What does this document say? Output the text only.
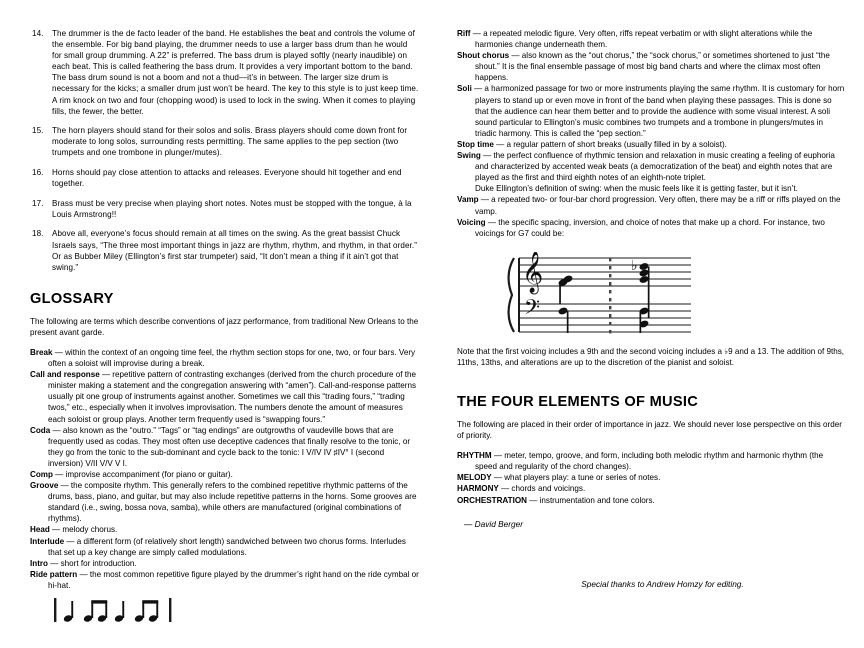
14.	The drummer is the de facto leader of the band. He establishes the beat and controls the volume of the ensemble. For big band playing, the drummer needs to use a larger bass drum than he would for small group drumming. A 22” is preferred. The bass drum is played softly (nearly inaudible) on each beat. This is called feathering the bass drum. It provides a very important bottom to the band. The bass drum sound is not a boom and not a thud—it’s in between. The larger size drum is necessary for the kicks; a smaller drum just won’t be heard. The key to this style is to just keep time. A rim knock on two and four (chopping wood) is used to lock in the swing. When it comes to playing fills, the fewer, the better.
15.	The horn players should stand for their solos and solis. Brass players should come down front for moderate to long solos, surrounding rests permitting. The same applies to the pep section (two trumpets and one trombone in plunger/mutes).
16.	Horns should pay close attention to attacks and releases. Everyone should hit together and end together.
17.	Brass must be very precise when playing short notes. Notes must be stopped with the tongue, à la Louis Armstrong!!
18.	Above all, everyone’s focus should remain at all times on the swing. As the great bassist Chuck Israels says, “The three most important things in jazz are rhythm, rhythm, and rhythm, in that order.” Or as Bubber Miley (Ellington’s first star trumpeter) said, “It don’t mean a thing if it ain’t got that swing.”
GLOSSARY

The following are terms which describe conventions of jazz performance, from traditional New Orleans to the present avant garde.

Break — within the context of an ongoing time feel, the rhythm section stops for one, two, or four bars. Very often a soloist will improvise during a break.
Call and response — repetitive pattern of contrasting exchanges (derived from the church procedure of the minister making a statement and the congregation answering with “amen”). Call-and-response patterns usually pit one group of instruments against another. Sometimes we call this “trading fours,” “trading twos,” etc., especially when it involves improvisation. The numbers denote the amount of measures each soloist or group plays. Another term frequently used is “swapping fours.”
Coda — also known as the “outro.” “Tags” or “tag endings” are outgrowths of vaudeville bows that are frequently used as codas. They most often use deceptive cadences that finally resolve to the tonic, or they go from the tonic to the sub-dominant and cycle back to the tonic: I V/IV IV ♯IV° I (second inversion) V/II V/V V I.
Comp — improvise accompaniment (for piano or guitar).
Groove — the composite rhythm. This generally refers to the combined repetitive rhythmic patterns of the drums, bass, piano, and guitar, but may also include repetitive patterns in the horns. Some grooves are standard (i.e., swing, bossa nova, samba), while others are manufactured (original combinations of rhythms).
Head — melody chorus.
Interlude — a different form (of relatively short length) sandwiched between two chorus forms. Interludes that set up a key change are simply called modulations.
Intro — short for introduction.
Ride pattern — the most common repetitive figure played by the drummer’s right hand on the ride cymbal or hi-hat.
Riff — a repeated melodic figure. Very often, riffs repeat verbatim or with slight alterations while the harmonies change underneath them.
Shout chorus — also known as the “out chorus,” the “sock chorus,” or sometimes shortened to just “the shout.” It is the final ensemble passage of most big band charts and where the climax most often happens.
Soli — a harmonized passage for two or more instruments playing the same rhythm. It is customary for horn players to stand up or even move in front of the band when playing these passages. This is done so that the audience can hear them better and to provide the audience with some visual interest. A soli sound particular to Ellington’s music combines two trumpets and a trombone in plungers/mutes in triadic harmony. This is called the “pep section.”
Stop time — a regular pattern of short breaks (usually filled in by a soloist).
Swing — the perfect confluence of rhythmic tension and relaxation in music creating a feeling of euphoria and characterized by accented weak beats (a democratization of the beat) and eighth notes that are played as the first and third eighth notes of an eighth-note triplet.
Duke Ellington’s definition of swing: when the music feels like it is getting faster, but it isn’t.
Vamp — a repeated two- or four-bar chord progression. Very often, there may be a riff or riffs played on the vamp.
Voicing — the specific spacing, inversion, and choice of notes that make up a chord. For instance, two voicings for G7 could be:
𝄞
𝄢
♭

Note that the first voicing includes a 9th and the second voicing includes a ♭9 and a 13. The addition of 9ths, 11ths, 13ths, and alterations are up to the discretion of the pianist and soloist.

THE FOUR ELEMENTS OF MUSIC

The following are placed in their order of importance in jazz. We should never lose perspective on this order of priority.

RHYTHM — meter, tempo, groove, and form, including both melodic rhythm and harmonic rhythm (the speed and regularity of the chord changes).
MELODY — what players play: a tune or series of notes.
HARMONY — chords and voicings.
ORCHESTRATION — instrumentation and tone colors.

— David Berger

Special thanks to Andrew Homzy for editing.
